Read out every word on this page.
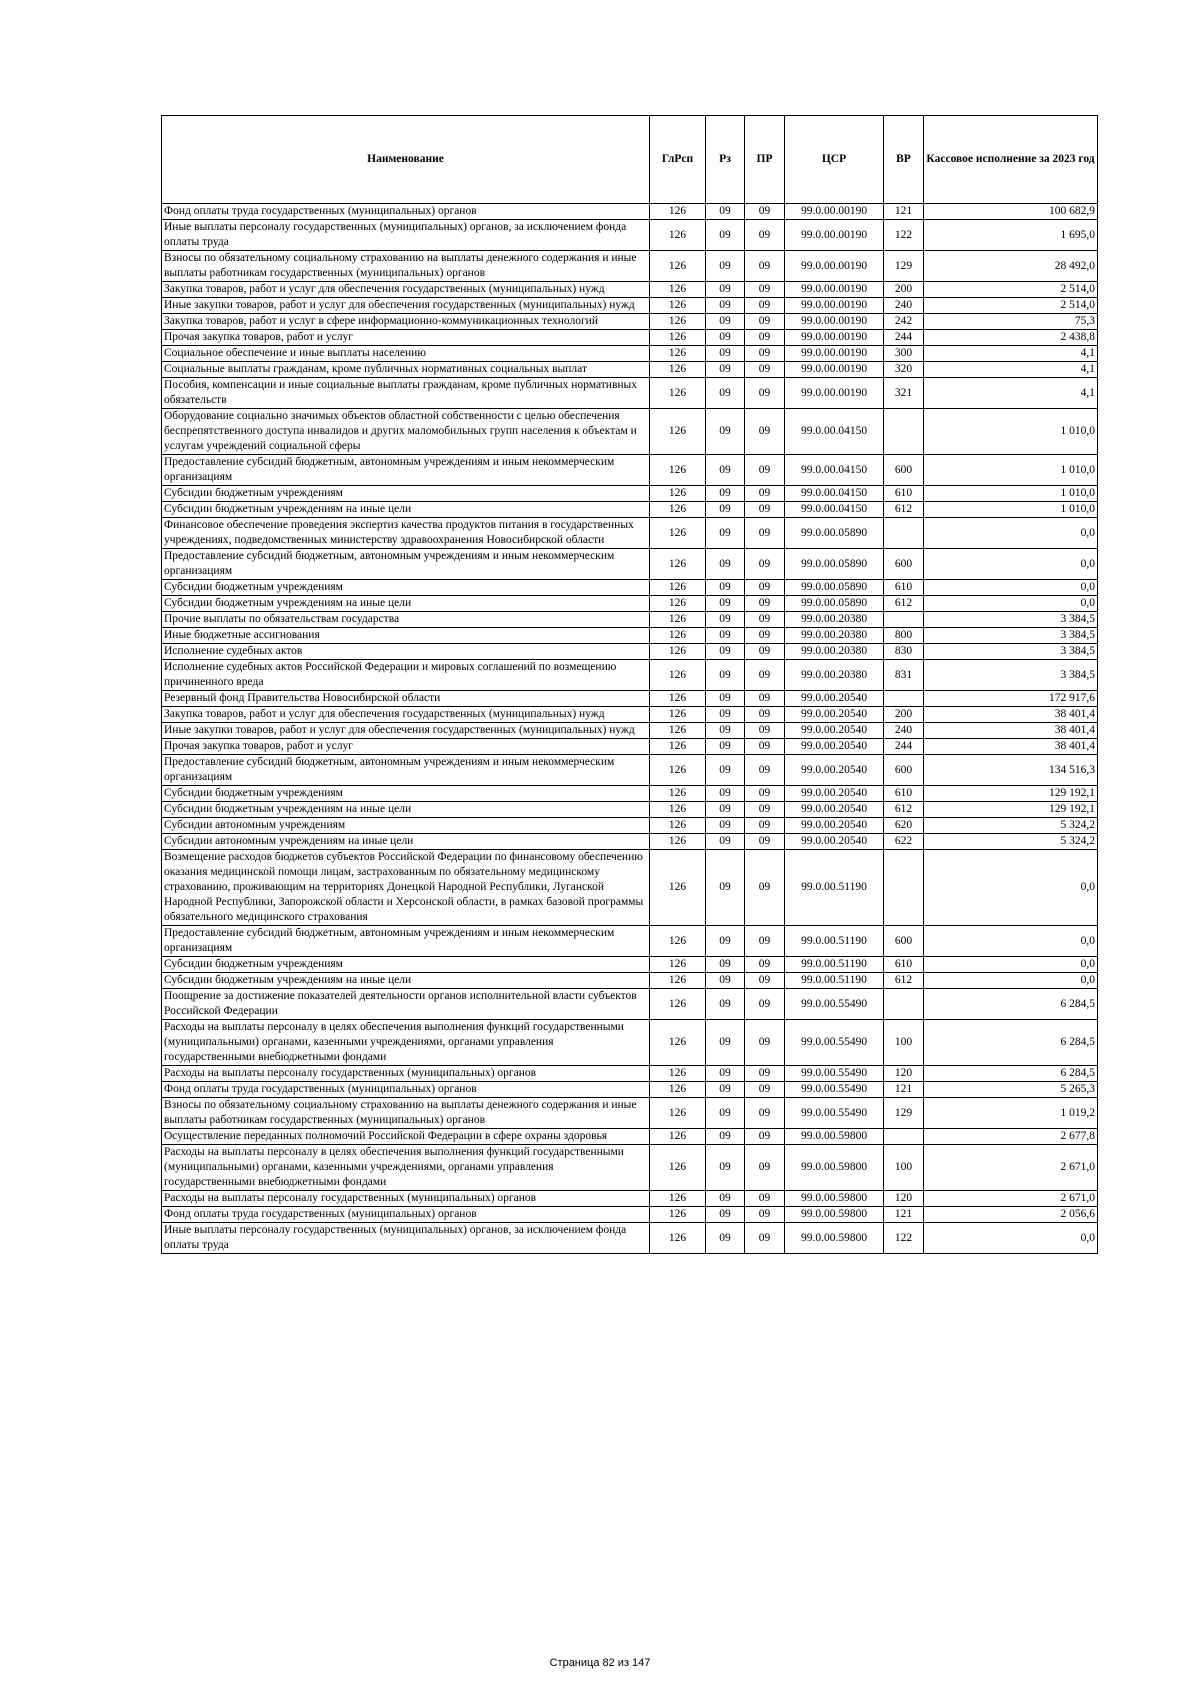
Наименование	ГлРсп	Рз	ПР	ЦСР	ВР	Кассовое исполнение за 2023 год
Фонд оплаты труда государственных (муниципальных) органов	126	09	09	99.0.00.00190	121	100 682,9
Иные выплаты персоналу государственных (муниципальных) органов, за исключением фонда оплаты труда	126	09	09	99.0.00.00190	122	1 695,0
Взносы по обязательному социальному страхованию на выплаты денежного содержания и иные выплаты работникам государственных (муниципальных) органов	126	09	09	99.0.00.00190	129	28 492,0
Закупка товаров, работ и услуг для обеспечения государственных (муниципальных) нужд	126	09	09	99.0.00.00190	200	2 514,0
Иные закупки товаров, работ и услуг для обеспечения государственных (муниципальных) нужд	126	09	09	99.0.00.00190	240	2 514,0
Закупка товаров, работ и услуг в сфере информационно-коммуникационных технологий	126	09	09	99.0.00.00190	242	75,3
Прочая закупка товаров, работ и услуг	126	09	09	99.0.00.00190	244	2 438,8
Социальное обеспечение и иные выплаты населению	126	09	09	99.0.00.00190	300	4,1
Социальные выплаты гражданам, кроме публичных нормативных социальных выплат	126	09	09	99.0.00.00190	320	4,1
Пособия, компенсации и иные социальные выплаты гражданам, кроме публичных нормативных обязательств	126	09	09	99.0.00.00190	321	4,1
Оборудование социально значимых объектов областной собственности с целью обеспечения беспрепятственного доступа инвалидов и других маломобильных групп населения к объектам и услугам учреждений социальной сферы	126	09	09	99.0.00.04150		1 010,0
Предоставление субсидий бюджетным, автономным учреждениям и иным некоммерческим организациям	126	09	09	99.0.00.04150	600	1 010,0
Субсидии бюджетным учреждениям	126	09	09	99.0.00.04150	610	1 010,0
Субсидии бюджетным учреждениям на иные цели	126	09	09	99.0.00.04150	612	1 010,0
Финансовое обеспечение проведения экспертиз качества продуктов питания в государственных учреждениях, подведомственных министерству здравоохранения Новосибирской области	126	09	09	99.0.00.05890		0,0
Предоставление субсидий бюджетным, автономным учреждениям и иным некоммерческим организациям	126	09	09	99.0.00.05890	600	0,0
Субсидии бюджетным учреждениям	126	09	09	99.0.00.05890	610	0,0
Субсидии бюджетным учреждениям на иные цели	126	09	09	99.0.00.05890	612	0,0
Прочие выплаты по обязательствам государства	126	09	09	99.0.00.20380		3 384,5
Иные бюджетные ассигнования	126	09	09	99.0.00.20380	800	3 384,5
Исполнение судебных актов	126	09	09	99.0.00.20380	830	3 384,5
Исполнение судебных актов Российской Федерации и мировых соглашений по возмещению причиненного вреда	126	09	09	99.0.00.20380	831	3 384,5
Резервный фонд Правительства Новосибирской области	126	09	09	99.0.00.20540		172 917,6
Закупка товаров, работ и услуг для обеспечения государственных (муниципальных) нужд	126	09	09	99.0.00.20540	200	38 401,4
Иные закупки товаров, работ и услуг для обеспечения государственных (муниципальных) нужд	126	09	09	99.0.00.20540	240	38 401,4
Прочая закупка товаров, работ и услуг	126	09	09	99.0.00.20540	244	38 401,4
Предоставление субсидий бюджетным, автономным учреждениям и иным некоммерческим организациям	126	09	09	99.0.00.20540	600	134 516,3
Субсидии бюджетным учреждениям	126	09	09	99.0.00.20540	610	129 192,1
Субсидии бюджетным учреждениям на иные цели	126	09	09	99.0.00.20540	612	129 192,1
Субсидии автономным учреждениям	126	09	09	99.0.00.20540	620	5 324,2
Субсидии автономным учреждениям на иные цели	126	09	09	99.0.00.20540	622	5 324,2
Возмещение расходов бюджетов субъектов Российской Федерации по финансовому обеспечению оказания медицинской помощи лицам, застрахованным по обязательному медицинскому страхованию, проживающим на территориях Донецкой Народной Республики, Луганской Народной Республики, Запорожской области и Херсонской области, в рамках базовой программы обязательного медицинского страхования	126	09	09	99.0.00.51190		0,0
Предоставление субсидий бюджетным, автономным учреждениям и иным некоммерческим организациям	126	09	09	99.0.00.51190	600	0,0
Субсидии бюджетным учреждениям	126	09	09	99.0.00.51190	610	0,0
Субсидии бюджетным учреждениям на иные цели	126	09	09	99.0.00.51190	612	0,0
Поощрение за достижение показателей деятельности органов исполнительной власти субъектов Российской Федерации	126	09	09	99.0.00.55490		6 284,5
Расходы на выплаты персоналу в целях обеспечения выполнения функций государственными (муниципальными) органами, казенными учреждениями, органами управления государственными внебюджетными фондами	126	09	09	99.0.00.55490	100	6 284,5
Расходы на выплаты персоналу государственных (муниципальных) органов	126	09	09	99.0.00.55490	120	6 284,5
Фонд оплаты труда государственных (муниципальных) органов	126	09	09	99.0.00.55490	121	5 265,3
Взносы по обязательному социальному страхованию на выплаты денежного содержания и иные выплаты работникам государственных (муниципальных) органов	126	09	09	99.0.00.55490	129	1 019,2
Осуществление переданных полномочий Российской Федерации в сфере охраны здоровья	126	09	09	99.0.00.59800		2 677,8
Расходы на выплаты персоналу в целях обеспечения выполнения функций государственными (муниципальными) органами, казенными учреждениями, органами управления государственными внебюджетными фондами	126	09	09	99.0.00.59800	100	2 671,0
Расходы на выплаты персоналу государственных (муниципальных) органов	126	09	09	99.0.00.59800	120	2 671,0
Фонд оплаты труда государственных (муниципальных) органов	126	09	09	99.0.00.59800	121	2 056,6
Иные выплаты персоналу государственных (муниципальных) органов, за исключением фонда оплаты труда	126	09	09	99.0.00.59800	122	0,0
Страница 82 из 147
